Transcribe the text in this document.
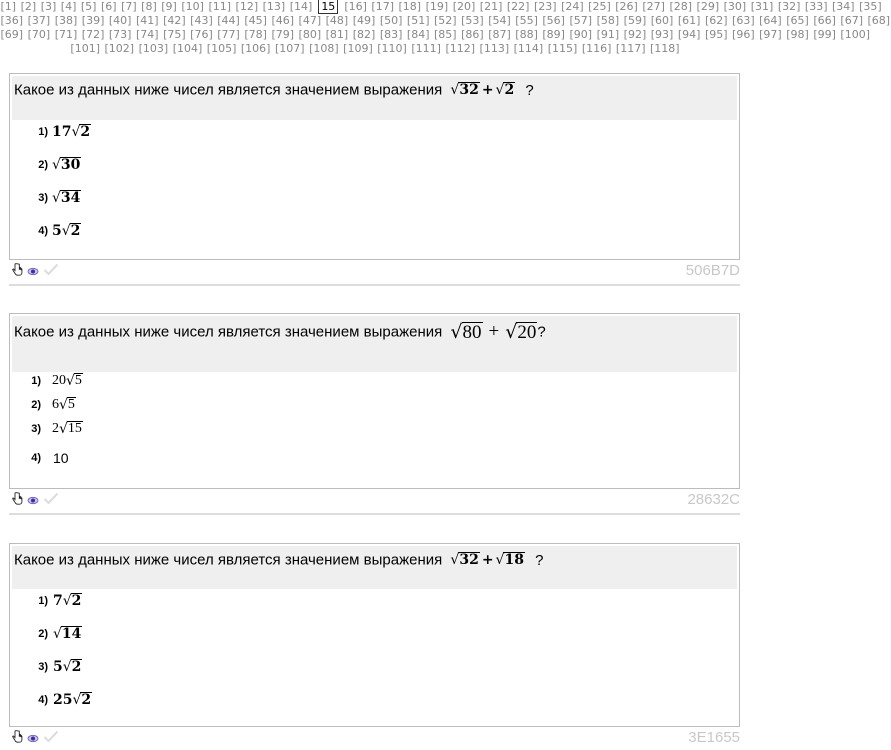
[1] [2] [3] [4] [5] [6] [7] [8] [9] [10] [11] [12] [13] [14] 15 [16] [17] [18] [19] [20] [21] [22] [23] [24] [25] [26] [27] [28] [29] [30] [31] [32] [33] [34] [35]
[36] [37] [38] [39] [40] [41] [42] [43] [44] [45] [46] [47] [48] [49] [50] [51] [52] [53] [54] [55] [56] [57] [58] [59] [60] [61] [62] [63] [64] [65] [66] [67] [68]
[69] [70] [71] [72] [73] [74] [75] [76] [77] [78] [79] [80] [81] [82] [83] [84] [85] [86] [87] [88] [89] [90] [91] [92] [93] [94] [95] [96] [97] [98] [99] [100]
[101] [102] [103] [104] [105] [106] [107] [108] [109] [110] [111] [112] [113] [114] [115] [116] [117] [118]
Какое из данных ниже чисел является значением выражения √ 32 + √ 2 ?
1) 17 √ 2
2) √ 30
3) √ 34
4) 5 √ 2
506B7D
Какое из данных ниже чисел является значением выражения √ 80 + √ 20 ?
1) 20 √ 5
2) 6 √ 5
3) 2 √ 15
4) 10
28632C
Какое из данных ниже чисел является значением выражения √ 32 + √ 18 ?
1) 7 √ 2
2) √ 14
3) 5 √ 2
4) 25 √ 2
3E1655
